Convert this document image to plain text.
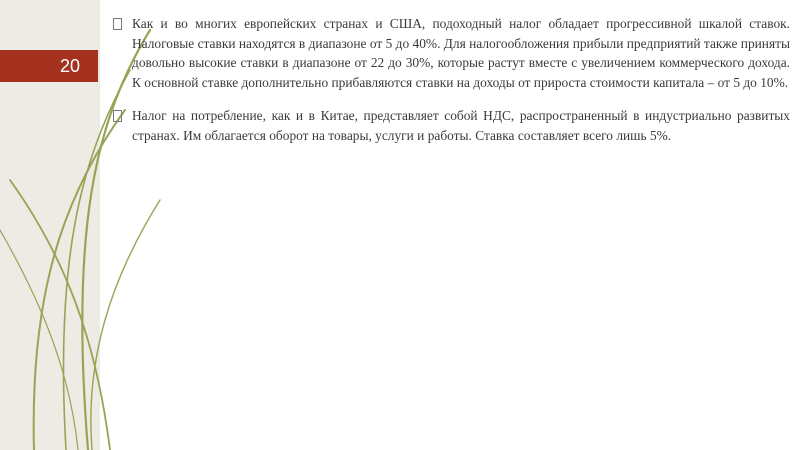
20
Как и во многих европейских странах и США, подоходный налог обладает прогрессивной шкалой ставок. Налоговые ставки находятся в диапазоне от 5 до 40%. Для налогообложения прибыли предприятий также приняты довольно высокие ставки в диапазоне от 22 до 30%, которые растут вместе с увеличением коммерческого дохода. К основной ставке дополнительно прибавляются ставки на доходы от прироста стоимости капитала – от 5 до 10%.
Налог на потребление, как и в Китае, представляет собой НДС, распространенный в индустриально развитых странах. Им облагается оборот на товары, услуги и работы. Ставка составляет всего лишь 5%.
